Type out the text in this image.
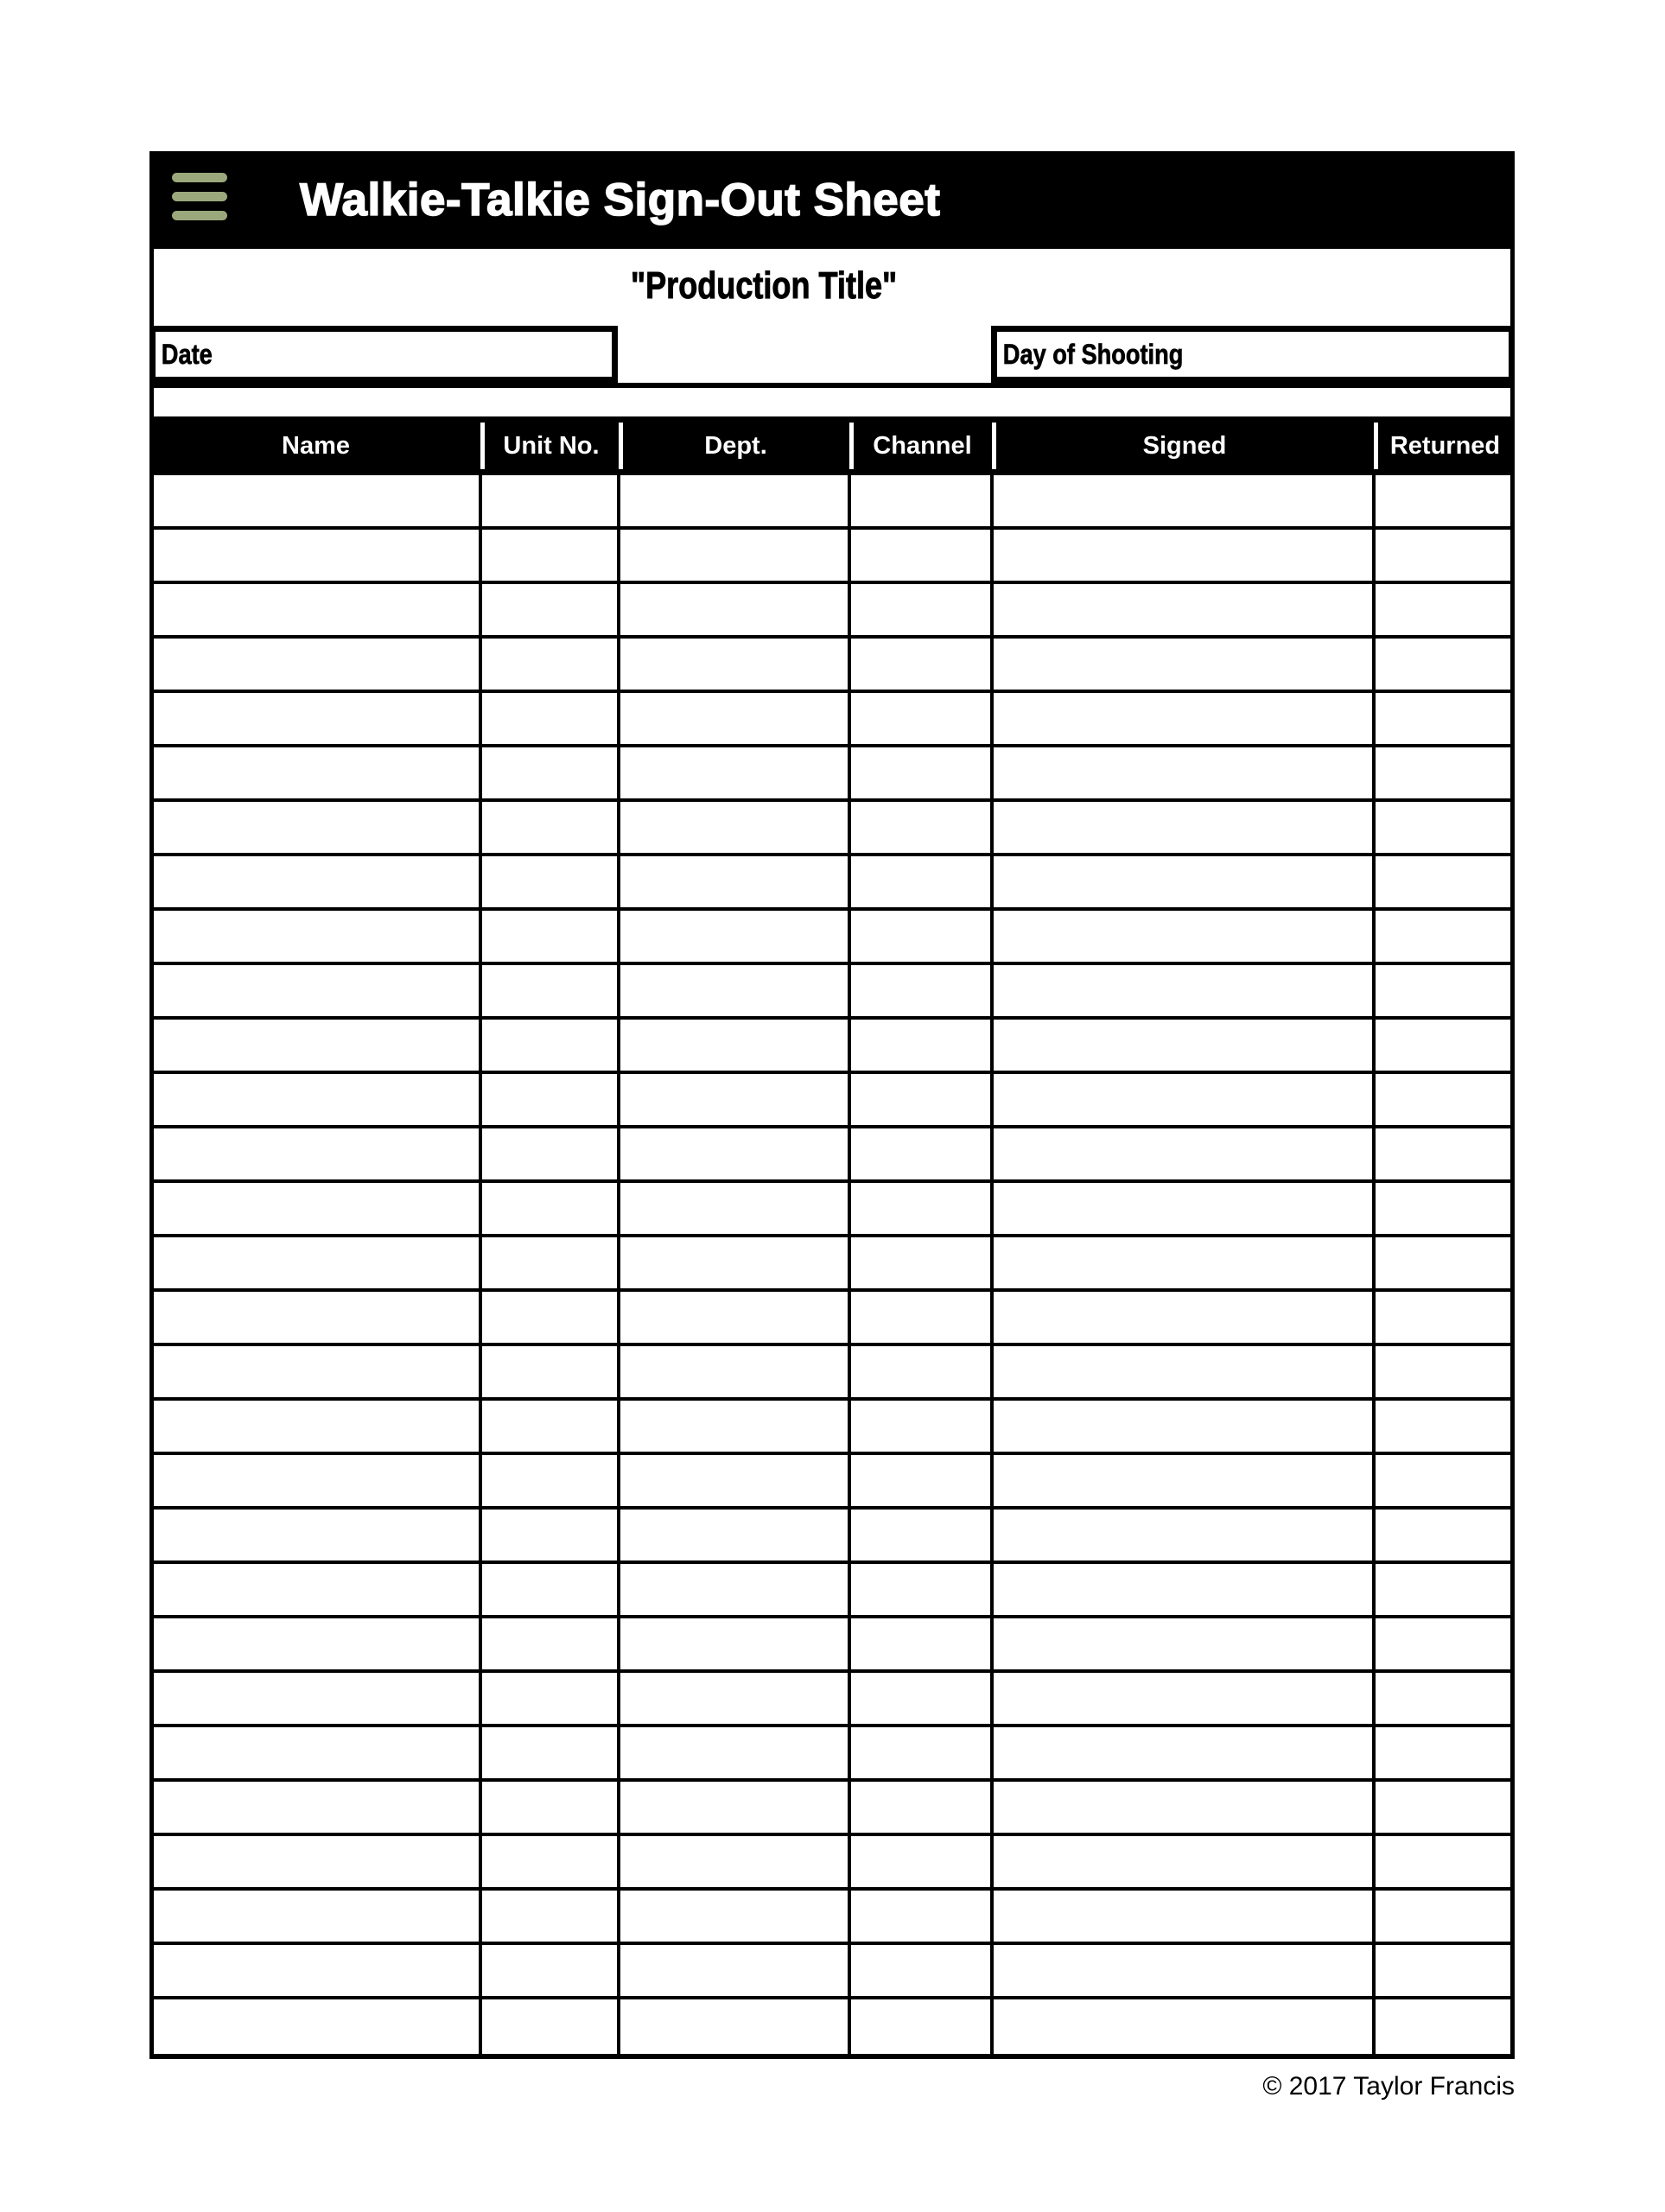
Walkie-Talkie Sign-Out Sheet
"Production Title"
Date	Day of Shooting
Name	Unit No.	Dept.	Channel	Signed	Returned
© 2017 Taylor Francis
